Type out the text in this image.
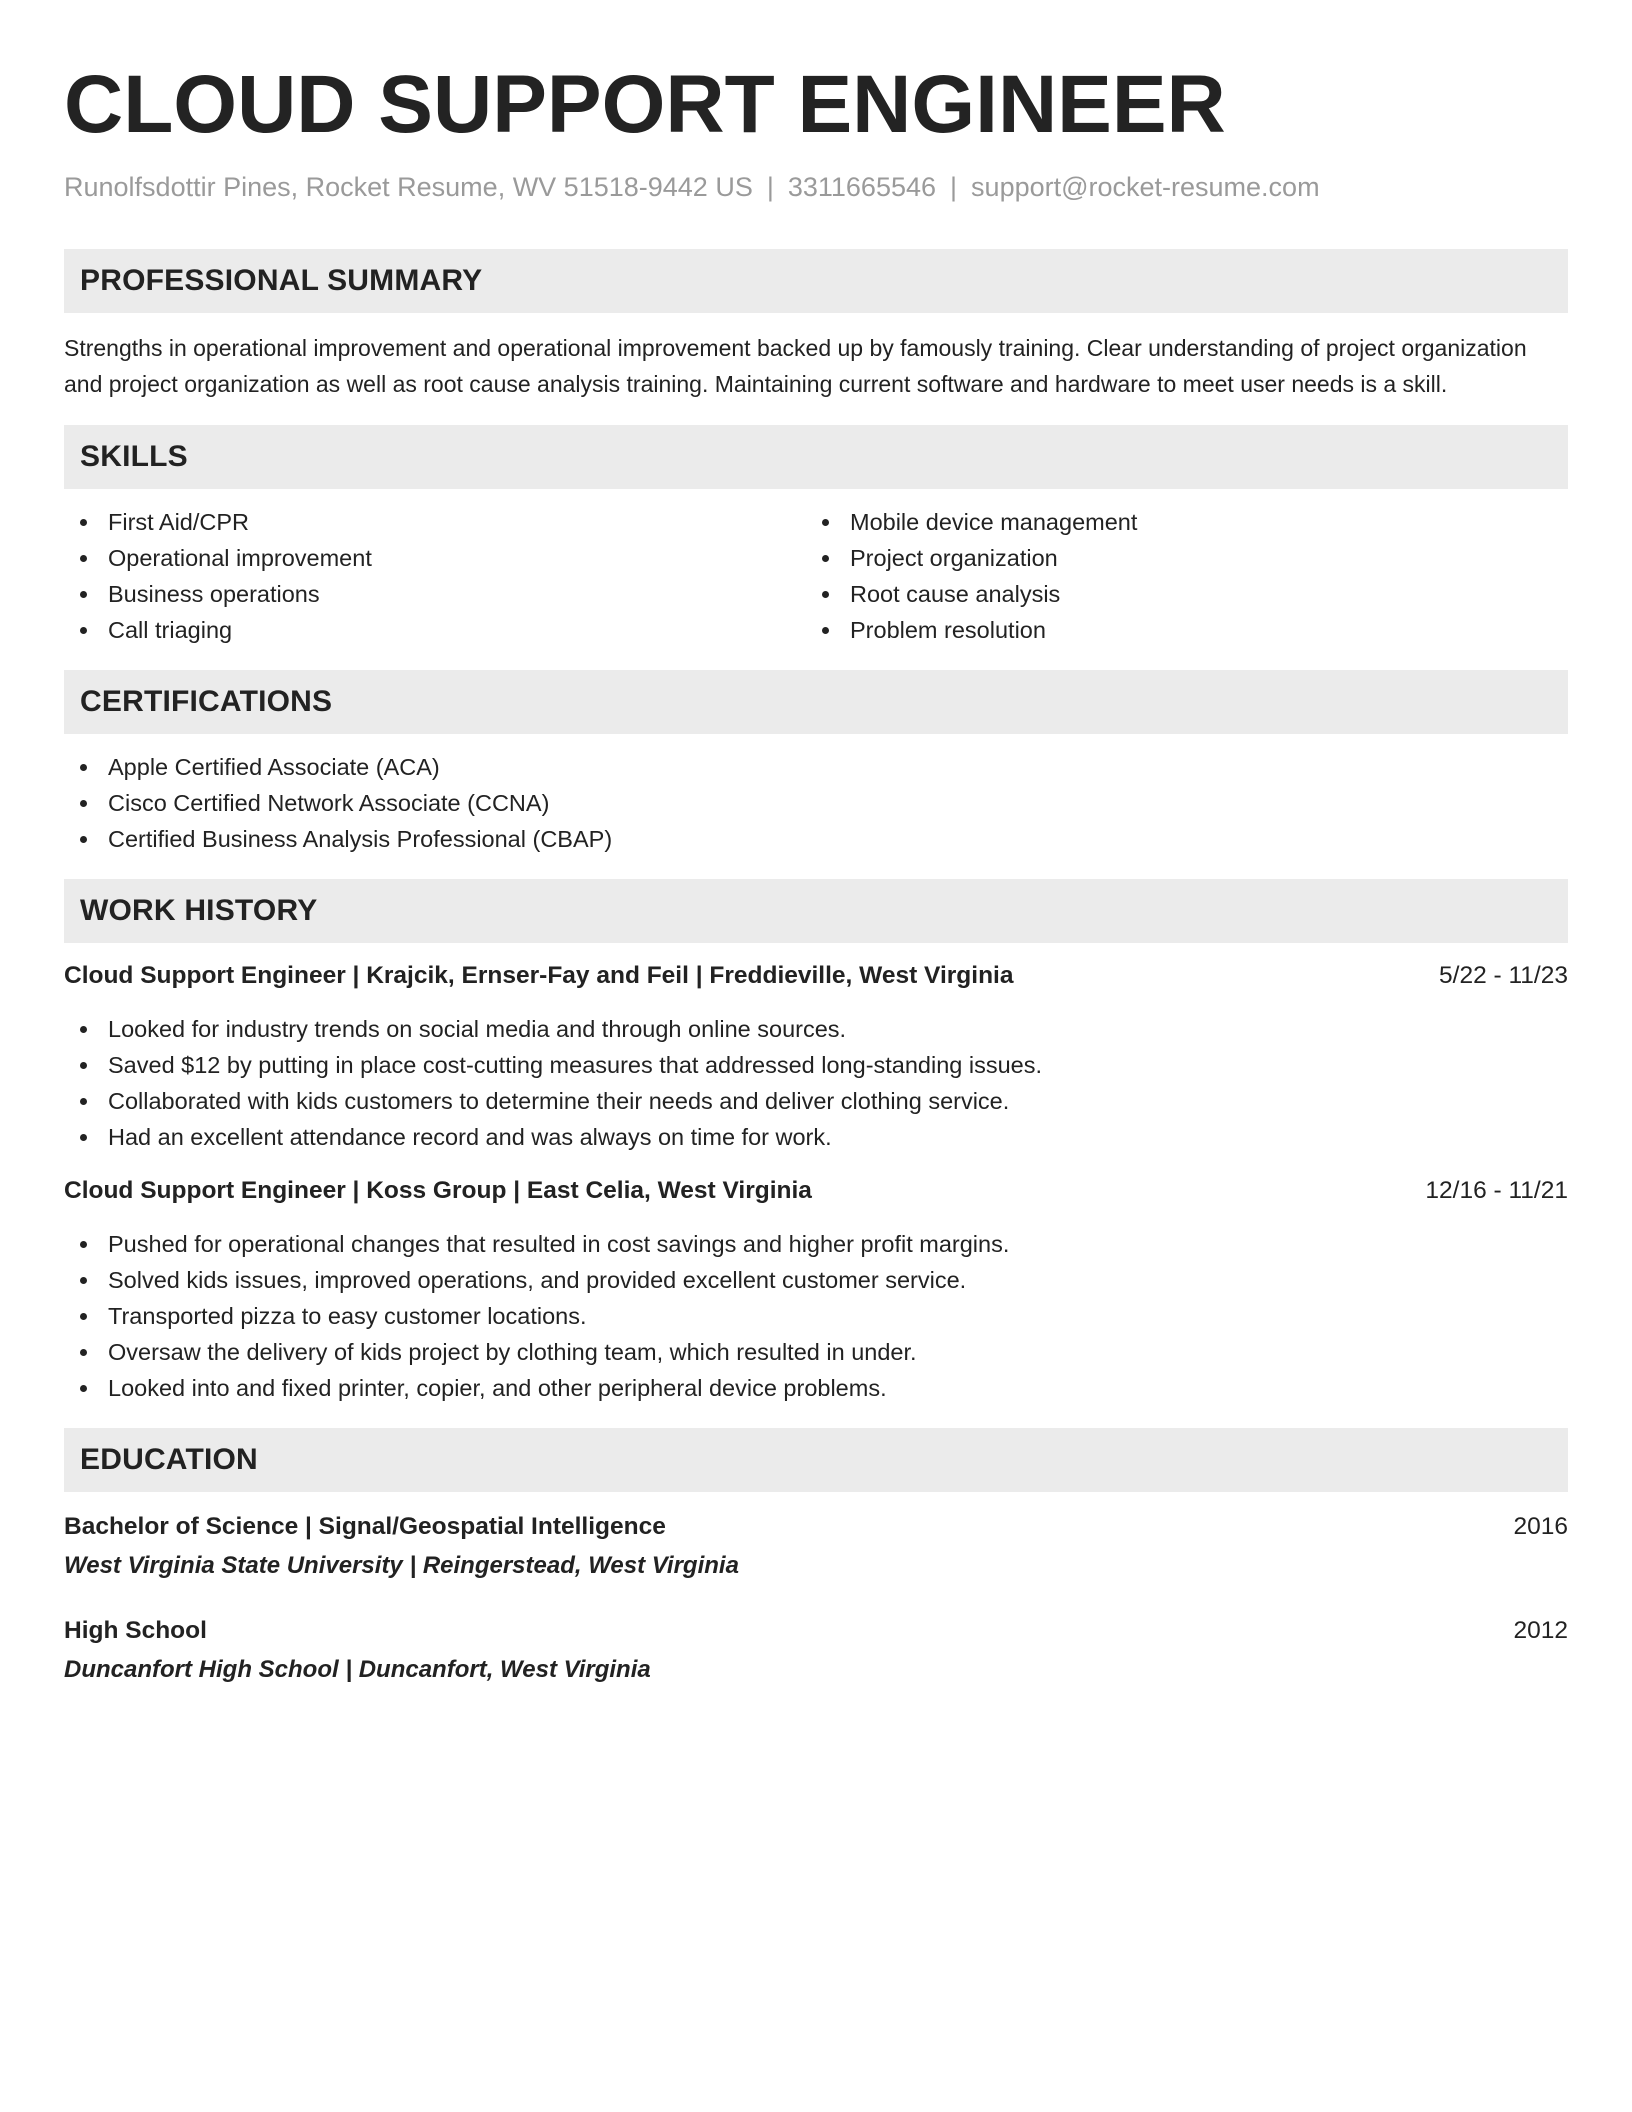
CLOUD SUPPORT ENGINEER
Runolfsdottir Pines, Rocket Resume, WV 51518-9442 US | 3311665546 | support@rocket-resume.com
PROFESSIONAL SUMMARY

Strengths in operational improvement and operational improvement backed up by famously training. Clear understanding of project organization and project organization as well as root cause analysis training. Maintaining current software and hardware to meet user needs is a skill.

SKILLS
First Aid/CPR
Operational improvement
Business operations
Call triaging
Mobile device management
Project organization
Root cause analysis
Problem resolution
CERTIFICATIONS
Apple Certified Associate (ACA)
Cisco Certified Network Associate (CCNA)
Certified Business Analysis Professional (CBAP)
WORK HISTORY
Cloud Support Engineer | Krajcik, Ernser-Fay and Feil | Freddieville, West Virginia	5/22 - 11/23
Looked for industry trends on social media and through online sources.
Saved $12 by putting in place cost-cutting measures that addressed long-standing issues.
Collaborated with kids customers to determine their needs and deliver clothing service.
Had an excellent attendance record and was always on time for work.
Cloud Support Engineer | Koss Group | East Celia, West Virginia	12/16 - 11/21
Pushed for operational changes that resulted in cost savings and higher profit margins.
Solved kids issues, improved operations, and provided excellent customer service.
Transported pizza to easy customer locations.
Oversaw the delivery of kids project by clothing team, which resulted in under.
Looked into and fixed printer, copier, and other peripheral device problems.
EDUCATION
Bachelor of Science | Signal/Geospatial Intelligence	2016
West Virginia State University | Reingerstead, West Virginia
High School	2012
Duncanfort High School | Duncanfort, West Virginia
